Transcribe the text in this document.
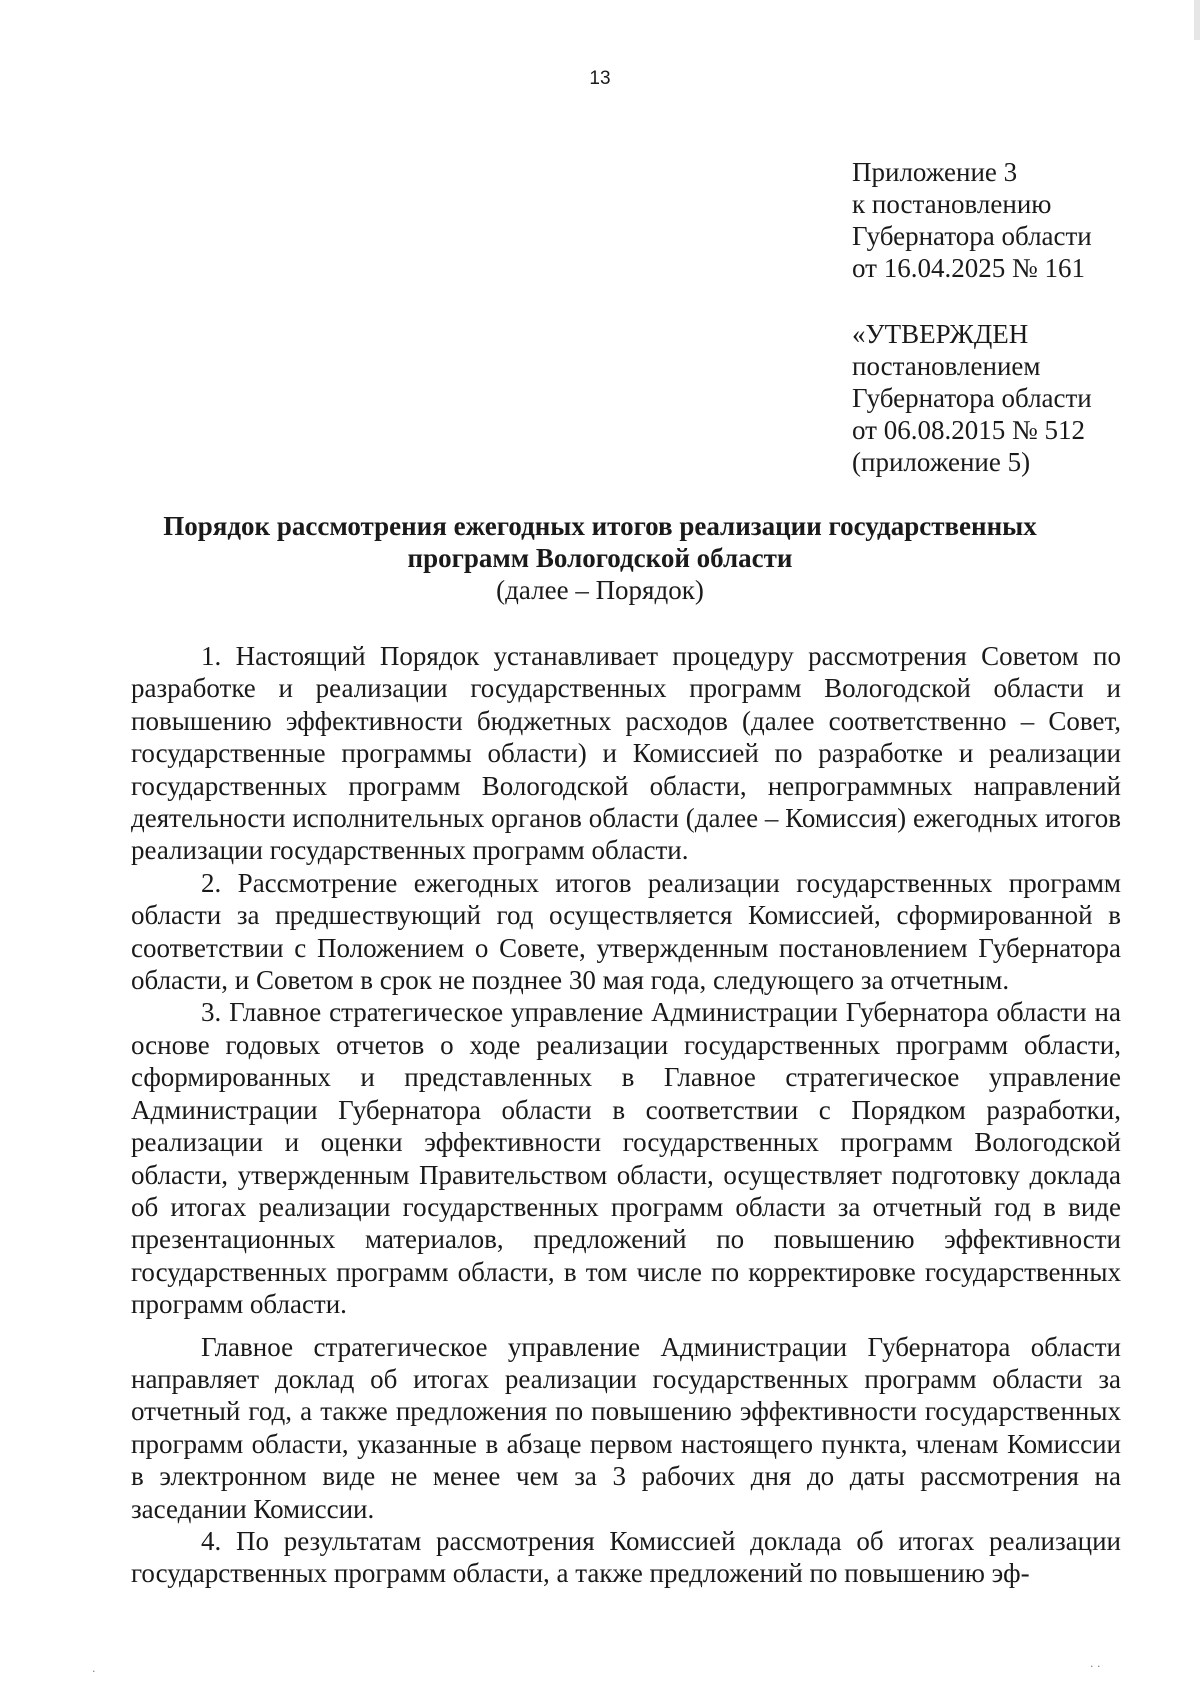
13
Приложение 3
к постановлению
Губернатора области
от 16.04.2025 № 161
«УТВЕРЖДЕН
постановлением
Губернатора области
от 06.08.2015 № 512
(приложение 5)
Порядок рассмотрения ежегодных итогов реализации государственных
программ Вологодской области
(далее – Порядок)

1. Настоящий Порядок устанавливает процедуру рассмотрения Советом по разработке и реализации государственных программ Вологодской области и повышению эффективности бюджетных расходов (далее соответственно – Совет, государственные программы области) и Комиссией по разработке и реализации государственных программ Вологодской области, непрограммных направлений деятельности исполнительных органов области (далее – Комиссия) ежегодных итогов реализации государственных программ области.

2. Рассмотрение ежегодных итогов реализации государственных программ области за предшествующий год осуществляется Комиссией, сформированной в соответствии с Положением о Совете, утвержденным постановлением Губернатора области, и Советом в срок не позднее 30 мая года, следующего за отчетным.

3. Главное стратегическое управление Администрации Губернатора области на основе годовых отчетов о ходе реализации государственных программ области, сформированных и представленных в Главное стратегическое управление Администрации Губернатора области в соответствии с Порядком разработки, реализации и оценки эффективности государственных программ Вологодской области, утвержденным Правительством области, осуществляет подготовку доклада об итогах реализации государственных программ области за отчетный год в виде презентационных материалов, предложений по повышению эффективности государственных программ области, в том числе по корректировке государственных программ области.

Главное стратегическое управление Администрации Губернатора области направляет доклад об итогах реализации государственных программ области за отчетный год, а также предложения по повышению эффективности государственных программ области, указанные в абзаце первом настоящего пункта, членам Комиссии в электронном виде не менее чем за 3 рабочих дня до даты рассмотрения на заседании Комиссии.

4. По результатам рассмотрения Комиссией доклада об итогах реализации государственных программ области, а также предложений по повышению эф-

· ·
·
